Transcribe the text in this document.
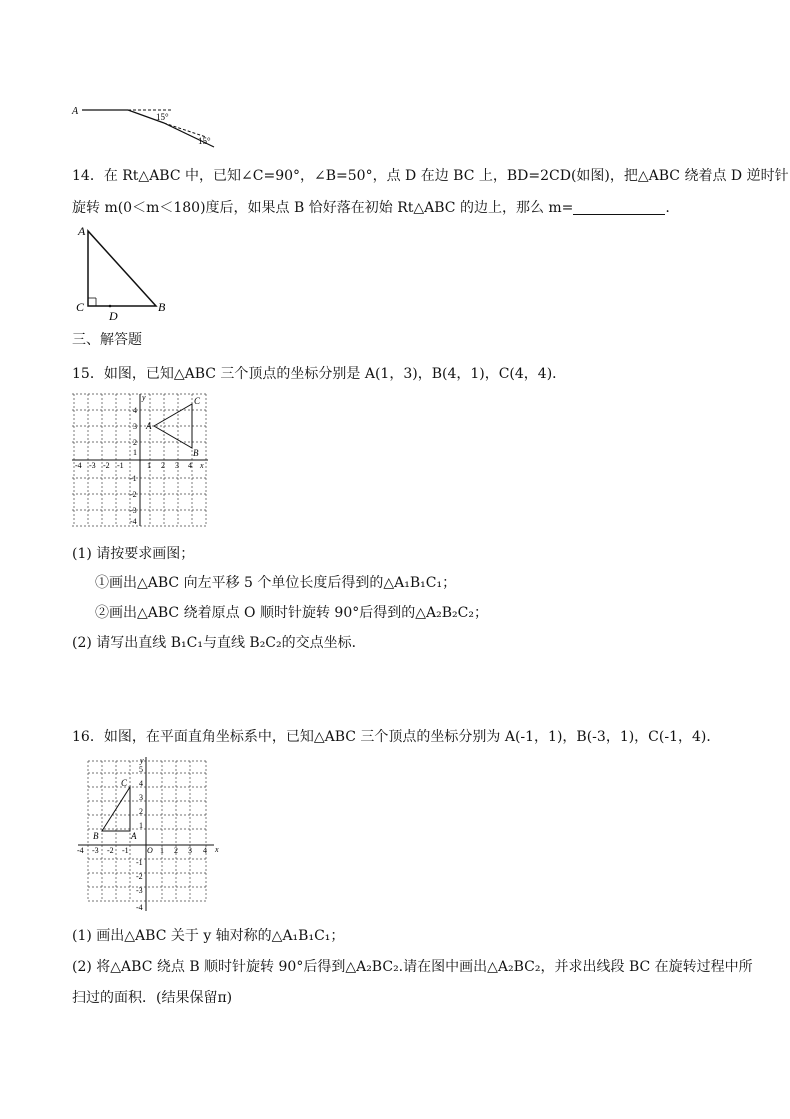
A	15°
15°
14．在 Rt△ABC 中，已知∠C=90°，∠B=50°，点 D 在边 BC 上，BD=2CD(如图)，把△ABC 绕着点 D 逆时针
旋转 m(0＜m＜180)度后，如果点 B 恰好落在初始 Rt△ABC 的边上，那么 m=	.
A
C	B
D
三、解答题
15．如图，已知△ABC 三个顶点的坐标分别是 A(1，3)，B(4，1)，C(4，4)．
y
x
-4 -3 -2 -1	1 2 3 4
4
3
2
1
-1
-2
-3
-4
A
B
C
(1) 请按要求画图；
①画出△ABC 向左平移 5 个单位长度后得到的△A₁B₁C₁；
②画出△ABC 绕着原点 O 顺时针旋转 90°后得到的△A₂B₂C₂；
(2) 请写出直线 B₁C₁与直线 B₂C₂的交点坐标．
16．如图，在平面直角坐标系中，已知△ABC 三个顶点的坐标分别为 A(-1，1)，B(-3，1)，C(-1，4)．
y
x
O
-4 -3 -2 -1	1 2 3 4
5
4
3
2
1
-1
-2
-3
-4
A
B
C
(1) 画出△ABC 关于 y 轴对称的△A₁B₁C₁；
(2) 将△ABC 绕点 B 顺时针旋转 90°后得到△A₂BC₂.请在图中画出△A₂BC₂，并求出线段 BC 在旋转过程中所
扫过的面积．(结果保留π)
